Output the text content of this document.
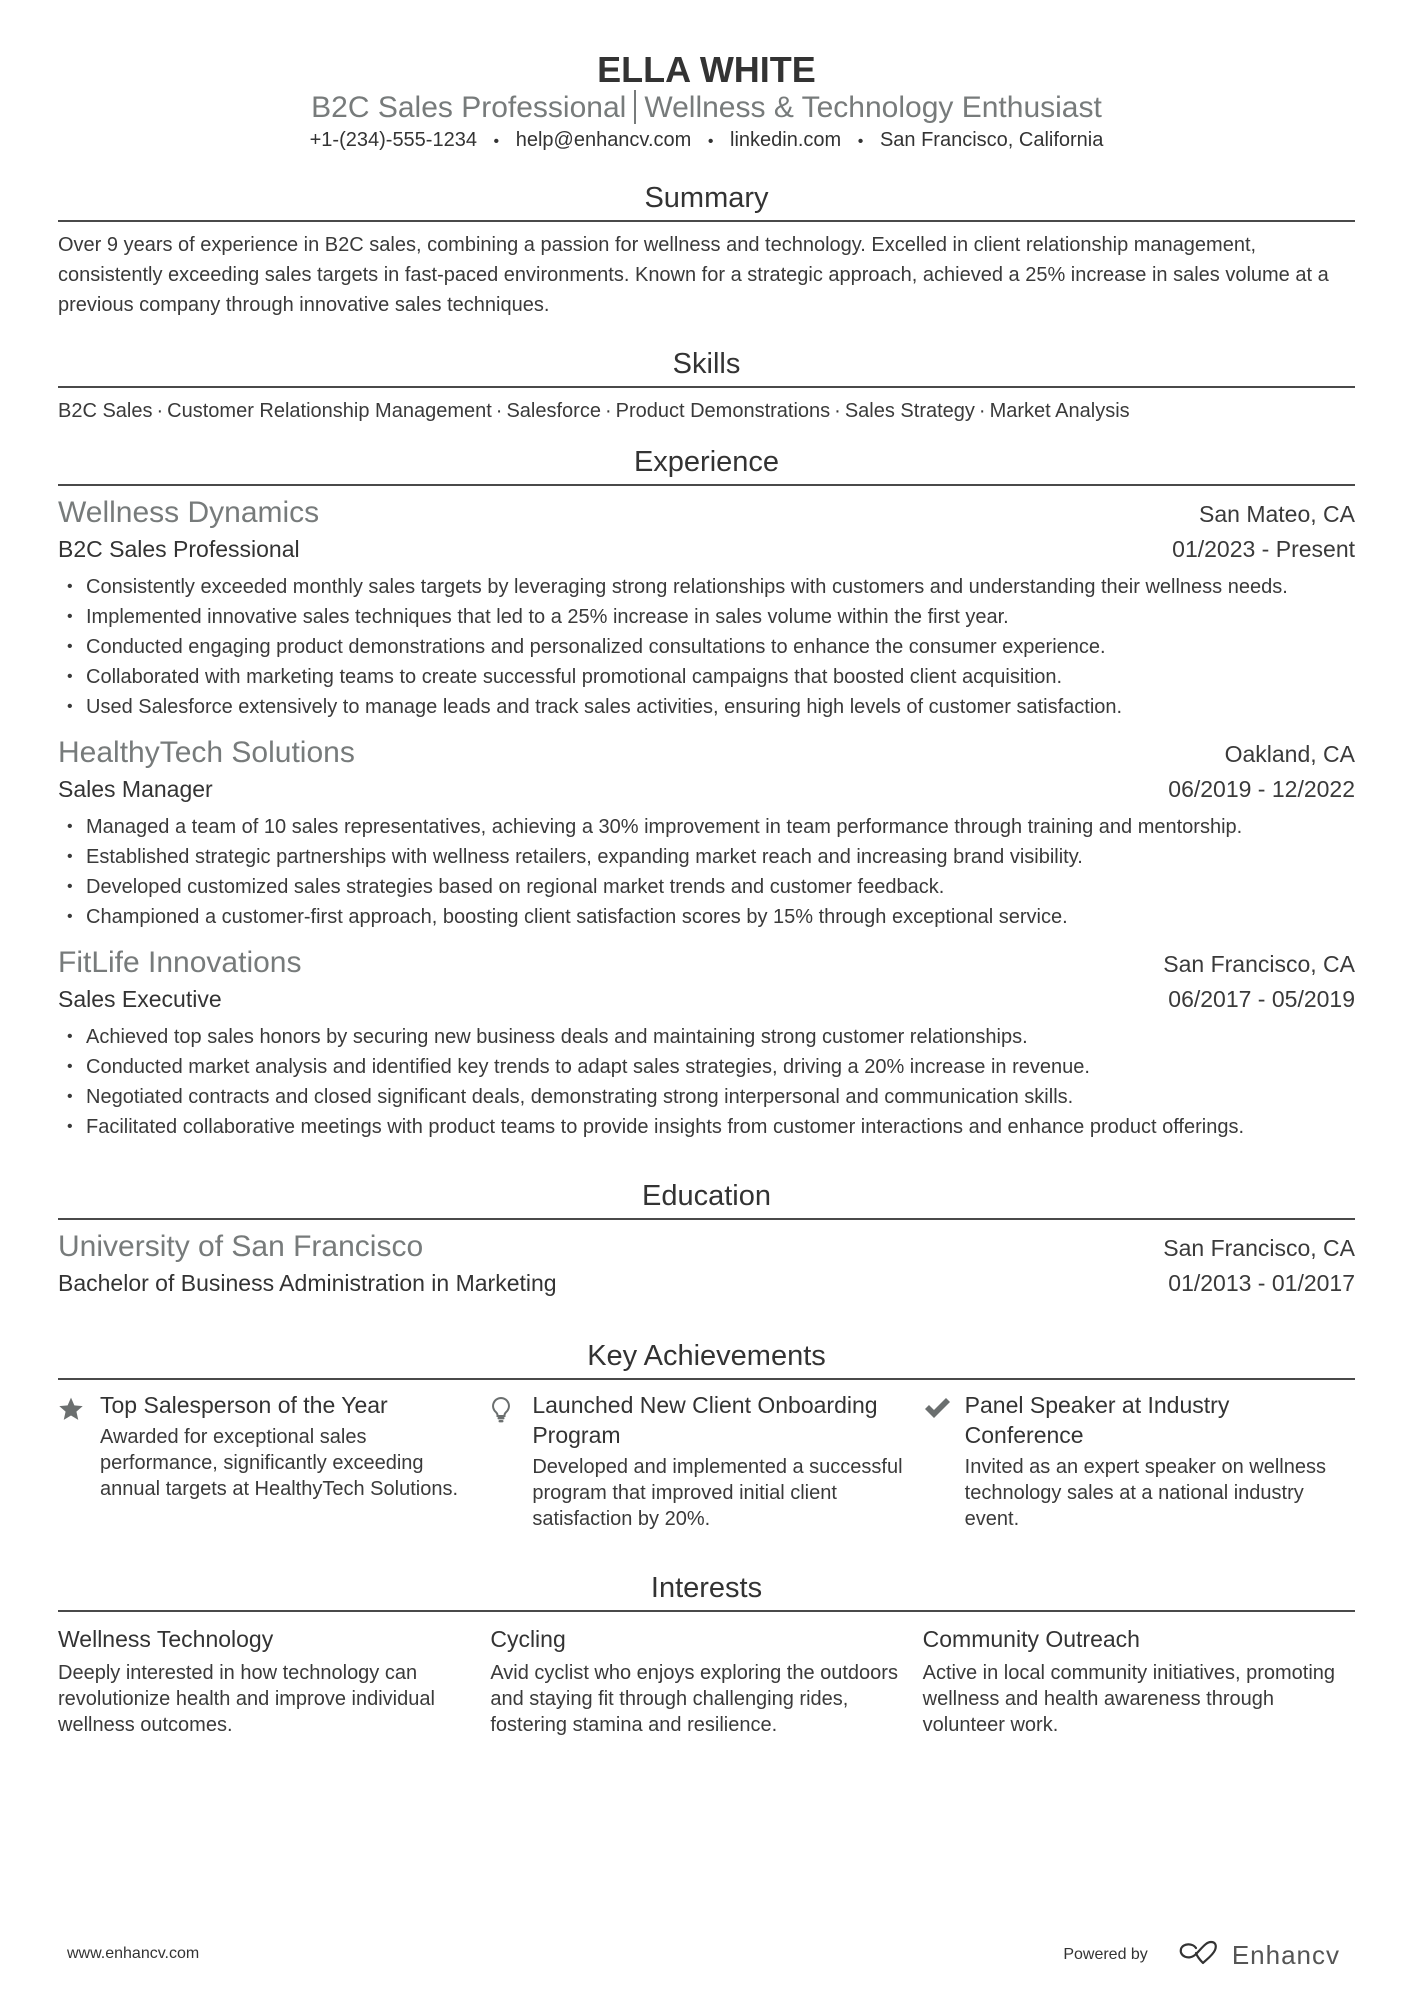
ELLA WHITE
B2C Sales Professional Wellness & Technology Enthusiast
+1-(234)-555-1234 • help@enhancv.com • linkedin.com • San Francisco, California
Summary
Over 9 years of experience in B2C sales, combining a passion for wellness and technology. Excelled in client relationship management, consistently exceeding sales targets in fast-paced environments. Known for a strategic approach, achieved a 25% increase in sales volume at a previous company through innovative sales techniques.
Skills
B2C Sales · Customer Relationship Management · Salesforce · Product Demonstrations · Sales Strategy · Market Analysis
Experience
Wellness Dynamics	San Mateo, CA
B2C Sales Professional	01/2023 - Present
• Consistently exceeded monthly sales targets by leveraging strong relationships with customers and understanding their wellness needs.
• Implemented innovative sales techniques that led to a 25% increase in sales volume within the first year.
• Conducted engaging product demonstrations and personalized consultations to enhance the consumer experience.
• Collaborated with marketing teams to create successful promotional campaigns that boosted client acquisition.
• Used Salesforce extensively to manage leads and track sales activities, ensuring high levels of customer satisfaction.
HealthyTech Solutions	Oakland, CA
Sales Manager	06/2019 - 12/2022
• Managed a team of 10 sales representatives, achieving a 30% improvement in team performance through training and mentorship.
• Established strategic partnerships with wellness retailers, expanding market reach and increasing brand visibility.
• Developed customized sales strategies based on regional market trends and customer feedback.
• Championed a customer-first approach, boosting client satisfaction scores by 15% through exceptional service.
FitLife Innovations	San Francisco, CA
Sales Executive	06/2017 - 05/2019
• Achieved top sales honors by securing new business deals and maintaining strong customer relationships.
• Conducted market analysis and identified key trends to adapt sales strategies, driving a 20% increase in revenue.
• Negotiated contracts and closed significant deals, demonstrating strong interpersonal and communication skills.
• Facilitated collaborative meetings with product teams to provide insights from customer interactions and enhance product offerings.
Education
University of San Francisco	San Francisco, CA
Bachelor of Business Administration in Marketing	01/2013 - 01/2017
Key Achievements
Top Salesperson of the Year
Awarded for exceptional sales performance, significantly exceeding annual targets at HealthyTech Solutions.
Launched New Client Onboarding Program
Developed and implemented a successful program that improved initial client satisfaction by 20%.
Panel Speaker at Industry Conference
Invited as an expert speaker on wellness technology sales at a national industry event.
Interests
Wellness Technology
Deeply interested in how technology can revolutionize health and improve individual wellness outcomes.
Cycling
Avid cyclist who enjoys exploring the outdoors and staying fit through challenging rides, fostering stamina and resilience.
Community Outreach
Active in local community initiatives, promoting wellness and health awareness through volunteer work.
www.enhancv.com	Powered by	Enhancv
